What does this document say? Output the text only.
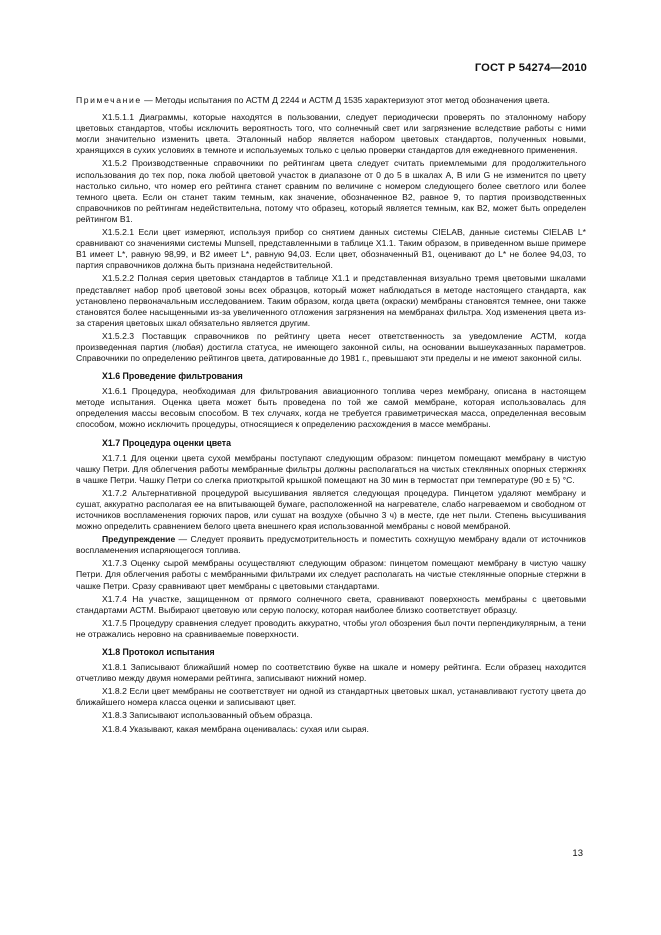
ГОСТ Р 54274—2010

Примечание — Методы испытания по АСТМ Д 2244 и АСТМ Д 1535 характеризуют этот метод обозначения цвета.

X1.5.1.1 Диаграммы, которые находятся в пользовании, следует периодически проверять по эталонному набору цветовых стандартов, чтобы исключить вероятность того, что солнечный свет или загрязнение вследствие работы с ними могли значительно изменить цвета. Эталонный набор является набором цветовых стандартов, полученных новыми, хранящихся в сухих условиях в темноте и используемых только с целью проверки стандартов для ежедневного применения.

X1.5.2 Производственные справочники по рейтингам цвета следует считать приемлемыми для продолжительного использования до тех пор, пока любой цветовой участок в диапазоне от 0 до 5 в шкалах А, В или G не изменится по цвету настолько сильно, что номер его рейтинга станет сравним по величине с номером следующего более светлого или более темного цвета. Если он станет таким темным, как значение, обозначенное В2, равное 9, то партия производственных справочников по рейтингам недействительна, потому что образец, который является темным, как В2, может быть определен рейтингом В1.

X1.5.2.1 Если цвет измеряют, используя прибор со снятием данных системы CIELAB, данные системы CIELAB L* сравнивают со значениями системы Munsell, представленными в таблице X1.1. Таким образом, в приведенном выше примере В1 имеет L*, равную 98,99, и В2 имеет L*, равную 94,03. Если цвет, обозначенный В1, оценивают до L* не более 94,03, то партия справочников должна быть признана недействительной.

X1.5.2.2 Полная серия цветовых стандартов в таблице X1.1 и представленная визуально тремя цветовыми шкалами представляет набор проб цветовой зоны всех образцов, который может наблюдаться в методе настоящего стандарта, как установлено первоначальным исследованием. Таким образом, когда цвета (окраски) мембраны становятся темнее, они также становятся более насыщенными из-за увеличенного отложения загрязнения на мембранах фильтра. Ход изменения цвета из-за старения цветовых шкал обязательно является другим.

X1.5.2.3 Поставщик справочников по рейтингу цвета несет ответственность за уведомление АСТМ, когда произведенная партия (любая) достигла статуса, не имеющего законной силы, на основании вышеуказанных параметров. Справочники по определению рейтингов цвета, датированные до 1981 г., превышают эти пределы и не имеют законной силы.

X1.6 Проведение фильтрования

X1.6.1 Процедура, необходимая для фильтрования авиационного топлива через мембрану, описана в настоящем методе испытания. Оценка цвета может быть проведена по той же самой мембране, которая использовалась для определения массы весовым способом. В тех случаях, когда не требуется гравиметрическая масса, определенная весовым способом, можно исключить процедуры, относящиеся к определению расхождения в массе мембраны.

X1.7 Процедура оценки цвета

X1.7.1 Для оценки цвета сухой мембраны поступают следующим образом: пинцетом помещают мембрану в чистую чашку Петри. Для облегчения работы мембранные фильтры должны располагаться на чистых стеклянных опорных стержнях в чашке Петри. Чашку Петри со слегка приоткрытой крышкой помещают на 30 мин в термостат при температуре (90 ± 5) °С.

X1.7.2 Альтернативной процедурой высушивания является следующая процедура. Пинцетом удаляют мембрану и сушат, аккуратно располагая ее на впитывающей бумаге, расположенной на нагревателе, слабо нагреваемом и свободном от источников воспламенения горючих паров, или сушат на воздухе (обычно 3 ч) в месте, где нет пыли. Степень высушивания можно определить сравнением белого цвета внешнего края использованной мембраны с новой мембраной.

Предупреждение — Следует проявить предусмотрительность и поместить сохнущую мембрану вдали от источников воспламенения испаряющегося топлива.

X1.7.3 Оценку сырой мембраны осуществляют следующим образом: пинцетом помещают мембрану в чистую чашку Петри. Для облегчения работы с мембранными фильтрами их следует располагать на чистые стеклянные опорные стержни в чашке Петри. Сразу сравнивают цвет мембраны с цветовыми стандартами.

X1.7.4 На участке, защищенном от прямого солнечного света, сравнивают поверхность мембраны с цветовыми стандартами АСТМ. Выбирают цветовую или серую полоску, которая наиболее близко соответствует образцу.

X1.7.5 Процедуру сравнения следует проводить аккуратно, чтобы угол обозрения был почти перпендикулярным, а тени не отражались неровно на сравниваемые поверхности.

X1.8 Протокол испытания

X1.8.1 Записывают ближайший номер по соответствию букве на шкале и номеру рейтинга. Если образец находится отчетливо между двумя номерами рейтинга, записывают нижний номер.

X1.8.2 Если цвет мембраны не соответствует ни одной из стандартных цветовых шкал, устанавливают густоту цвета до ближайшего номера класса оценки и записывают цвет.

X1.8.3 Записывают использованный объем образца.

X1.8.4 Указывают, какая мембрана оценивалась: сухая или сырая.

13
